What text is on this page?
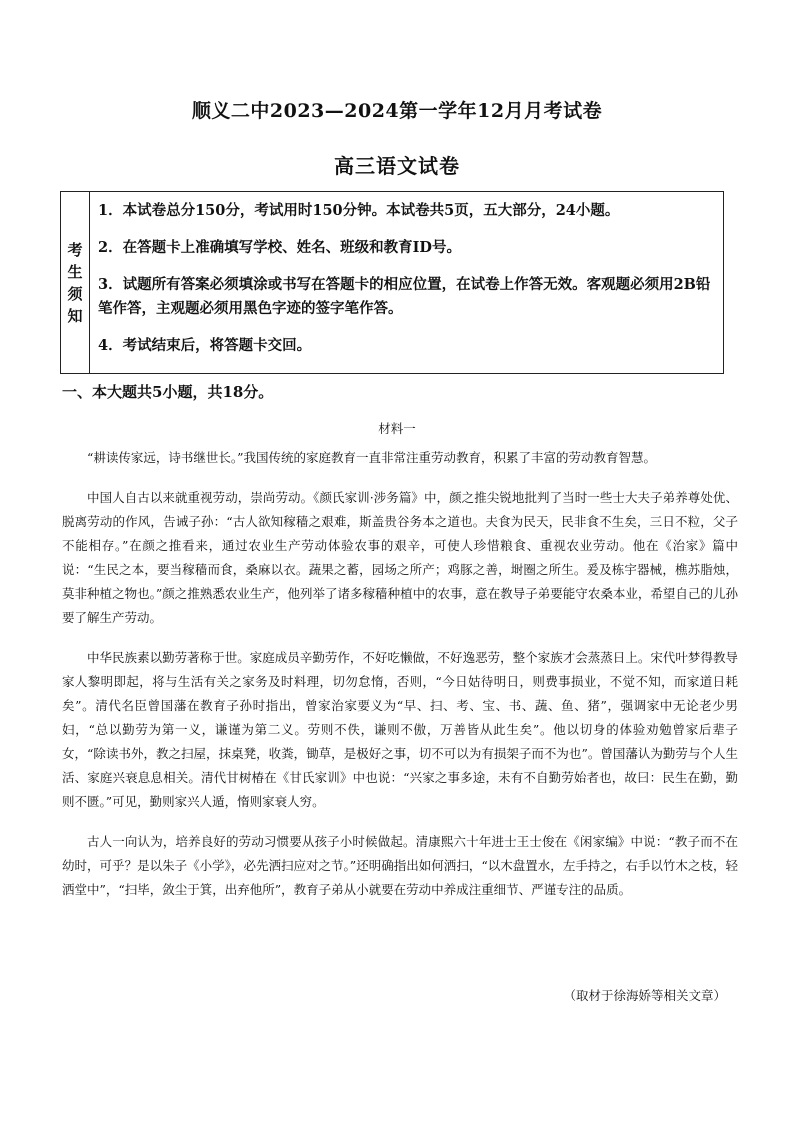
顺义二中2023—2024第一学年12月月考试卷
高三语文试卷
考
生
须
知

1．本试卷总分150分，考试用时150分钟。本试卷共5页，五大部分，24小题。

2．在答题卡上准确填写学校、姓名、班级和教育ID号。

3．试题所有答案必须填涂或书写在答题卡的相应位置，在试卷上作答无效。客观题必须用2B铅笔作答，主观题必须用黑色字迹的签字笔作答。

4．考试结束后，将答题卡交回。

一、本大题共5小题，共18分。
材料一

“耕读传家远，诗书继世长。”我国传统的家庭教育一直非常注重劳动教育，积累了丰富的劳动教育智慧。

中国人自古以来就重视劳动，崇尚劳动。《颜氏家训·涉务篇》中，颜之推尖锐地批判了当时一些士大夫子弟养尊处优、脱离劳动的作风，告诫子孙：“古人欲知稼穑之艰难，斯盖贵谷务本之道也。夫食为民天，民非食不生矣，三日不粒，父子不能相存。”在颜之推看来，通过农业生产劳动体验农事的艰辛，可使人珍惜粮食、重视农业劳动。他在《治家》篇中说：“生民之本，要当稼穑而食，桑麻以衣。蔬果之蓄，园场之所产；鸡豚之善，埘圈之所生。爰及栋宇器械，樵苏脂烛，莫非种植之物也。”颜之推熟悉农业生产，他列举了诸多稼穑种植中的农事，意在教导子弟要能守农桑本业，希望自己的儿孙要了解生产劳动。

中华民族素以勤劳著称于世。家庭成员辛勤劳作，不好吃懒做，不好逸恶劳，整个家族才会蒸蒸日上。宋代叶梦得教导家人黎明即起，将与生活有关之家务及时料理，切勿怠惰，否则，“今日姑待明日，则费事损业，不觉不知，而家道日耗矣”。清代名臣曾国藩在教育子孙时指出，曾家治家要义为“早、扫、考、宝、书、蔬、鱼、猪”，强调家中无论老少男妇，“总以勤劳为第一义，谦谨为第二义。劳则不佚，谦则不傲，万善皆从此生矣”。他以切身的体验劝勉曾家后辈子女，“除读书外，教之扫屋，抹桌凳，收粪，锄草，是极好之事，切不可以为有损架子而不为也”。曾国藩认为勤劳与个人生活、家庭兴衰息息相关。清代甘树椿在《甘氏家训》中也说：“兴家之事多途，未有不自勤劳始者也，故曰：民生在勤，勤则不匮。”可见，勤则家兴人遁，惰则家衰人穷。

古人一向认为，培养良好的劳动习惯要从孩子小时候做起。清康熙六十年进士王士俊在《闲家编》中说：“教子而不在幼时，可乎？是以朱子《小学》，必先洒扫应对之节。”还明确指出如何洒扫，“以木盘置水，左手持之，右手以竹木之枝，轻洒堂中”，“扫毕，敛尘于箕，出弃他所”，教育子弟从小就要在劳动中养成注重细节、严谨专注的品质。

（取材于徐海娇等相关文章）
